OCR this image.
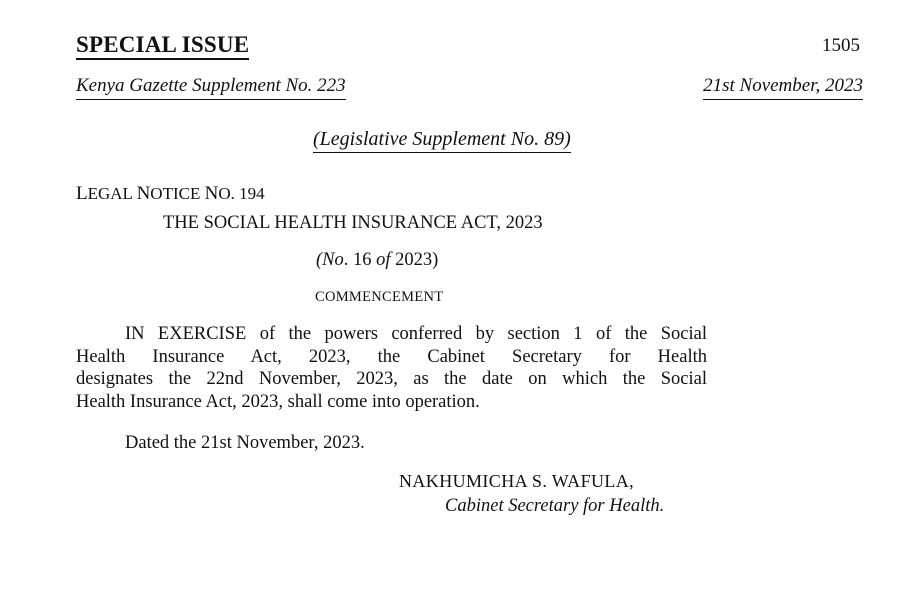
SPECIAL ISSUE	1505
Kenya Gazette Supplement No. 223	21st November, 2023
(Legislative Supplement No. 89)
LEGAL NOTICE NO. 194
THE SOCIAL HEALTH INSURANCE ACT, 2023
(No. 16 of 2023)
COMMENCEMENT
IN EXERCISE of the powers conferred by section 1 of the Social
Health Insurance Act, 2023, the Cabinet Secretary for Health
designates the 22nd November, 2023, as the date on which the Social
Health Insurance Act, 2023, shall come into operation.
Dated the 21st November, 2023.
NAKHUMICHA S. WAFULA,
Cabinet Secretary for Health.
